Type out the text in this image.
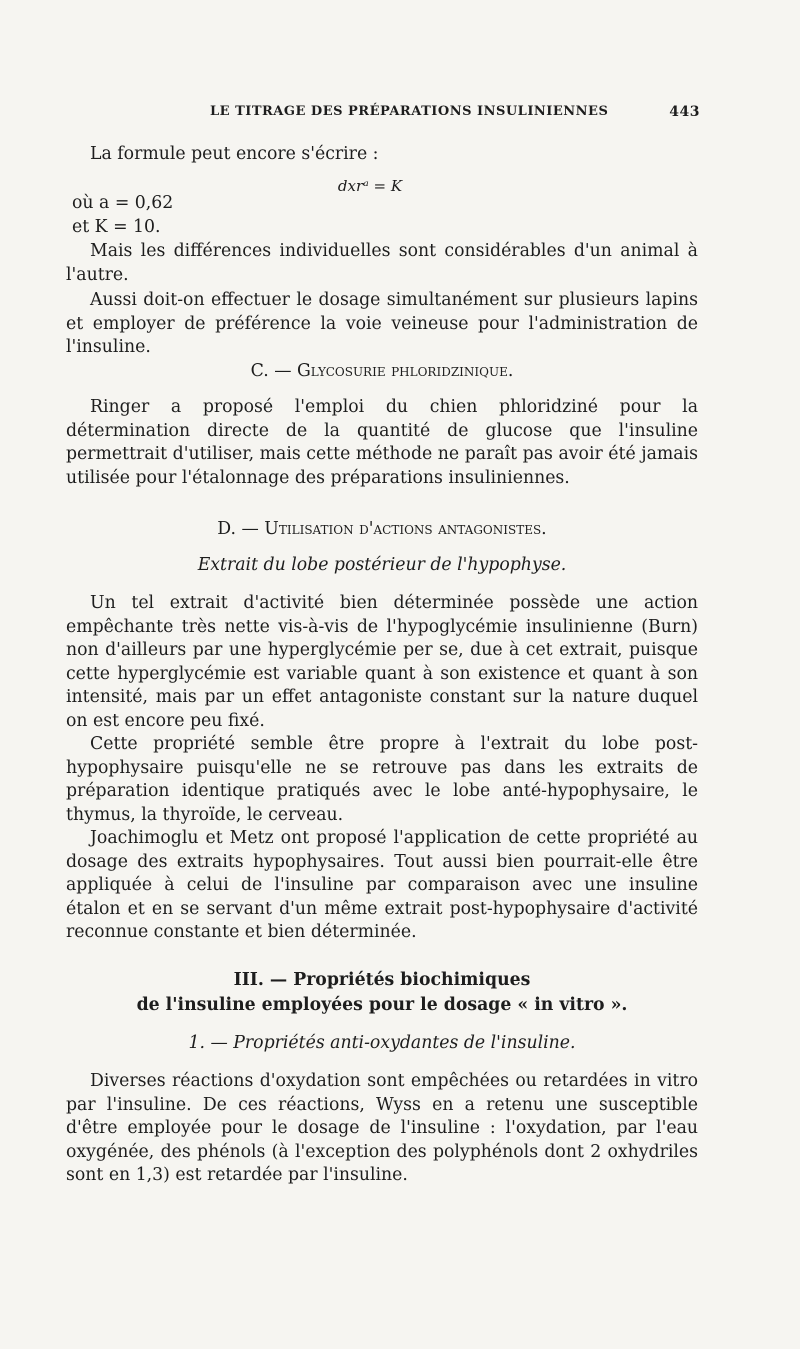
LE TITRAGE DES PRÉPARATIONS INSULINIENNES	443

La formule peut encore s'écrire :

dxrᵃ = K

où a = 0,62

et K = 10.

Mais les différences individuelles sont considérables d'un animal à l'autre.

Aussi doit-on effectuer le dosage simultanément sur plusieurs lapins et employer de préférence la voie veineuse pour l'administration de l'insuline.

C. — Glycosurie phloridzinique.

Ringer a proposé l'emploi du chien phloridziné pour la détermination directe de la quantité de glucose que l'insuline permettrait d'utiliser, mais cette méthode ne paraît pas avoir été jamais utilisée pour l'étalonnage des préparations insuliniennes.

D. — Utilisation d'actions antagonistes.

Extrait du lobe postérieur de l'hypophyse.

Un tel extrait d'activité bien déterminée possède une action empêchante très nette vis-à-vis de l'hypoglycémie insulinienne (Burn) non d'ailleurs par une hyperglycémie per se, due à cet extrait, puisque cette hyperglycémie est variable quant à son existence et quant à son intensité, mais par un effet antagoniste constant sur la nature duquel on est encore peu fixé.

Cette propriété semble être propre à l'extrait du lobe post-hypophysaire puisqu'elle ne se retrouve pas dans les extraits de préparation identique pratiqués avec le lobe anté-hypophysaire, le thymus, la thyroïde, le cerveau.

Joachimoglu et Metz ont proposé l'application de cette propriété au dosage des extraits hypophysaires. Tout aussi bien pourrait-elle être appliquée à celui de l'insuline par comparaison avec une insuline étalon et en se servant d'un même extrait post-hypophysaire d'activité reconnue constante et bien déterminée.

III. — Propriétés biochimiques

de l'insuline employées pour le dosage « in vitro ».

1. — Propriétés anti-oxydantes de l'insuline.

Diverses réactions d'oxydation sont empêchées ou retardées in vitro par l'insuline. De ces réactions, Wyss en a retenu une susceptible d'être employée pour le dosage de l'insuline : l'oxydation, par l'eau oxygénée, des phénols (à l'exception des polyphénols dont 2 oxhydriles sont en 1,3) est retardée par l'insuline.
